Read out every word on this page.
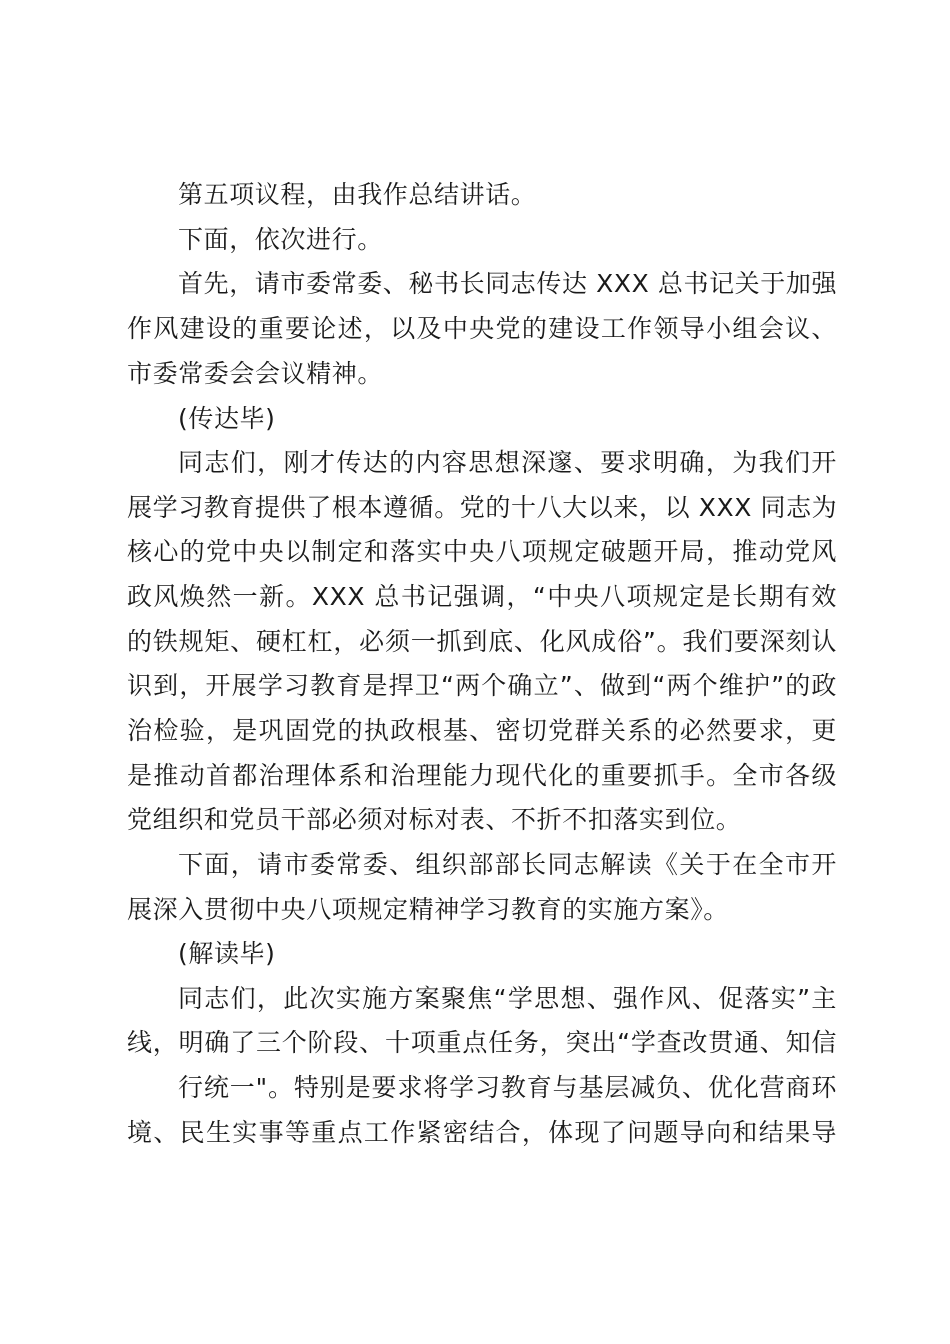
第五项议程，由我作总结讲话。
下面，依次进行。
首先，请市委常委、秘书长同志传达 XXX 总书记关于加强
作风建设的重要论述，以及中央党的建设工作领导小组会议、
市委常委会会议精神。
(传达毕)
同志们，刚才传达的内容思想深邃、要求明确，为我们开
展学习教育提供了根本遵循。党的十八大以来，以 XXX 同志为
核心的党中央以制定和落实中央八项规定破题开局，推动党风
政风焕然一新。XXX 总书记强调，“中央八项规定是长期有效
的铁规矩、硬杠杠，必须一抓到底、化风成俗”。我们要深刻认
识到，开展学习教育是捍卫“两个确立”、做到“两个维护”的政
治检验，是巩固党的执政根基、密切党群关系的必然要求，更
是推动首都治理体系和治理能力现代化的重要抓手。全市各级
党组织和党员干部必须对标对表、不折不扣落实到位。
下面，请市委常委、组织部部长同志解读《关于在全市开
展深入贯彻中央八项规定精神学习教育的实施方案》。
(解读毕)
同志们，此次实施方案聚焦“学思想、强作风、促落实”主
线，明确了三个阶段、十项重点任务，突出“学查改贯通、知信
行统一"。特别是要求将学习教育与基层减负、优化营商环
境、民生实事等重点工作紧密结合，体现了问题导向和结果导
